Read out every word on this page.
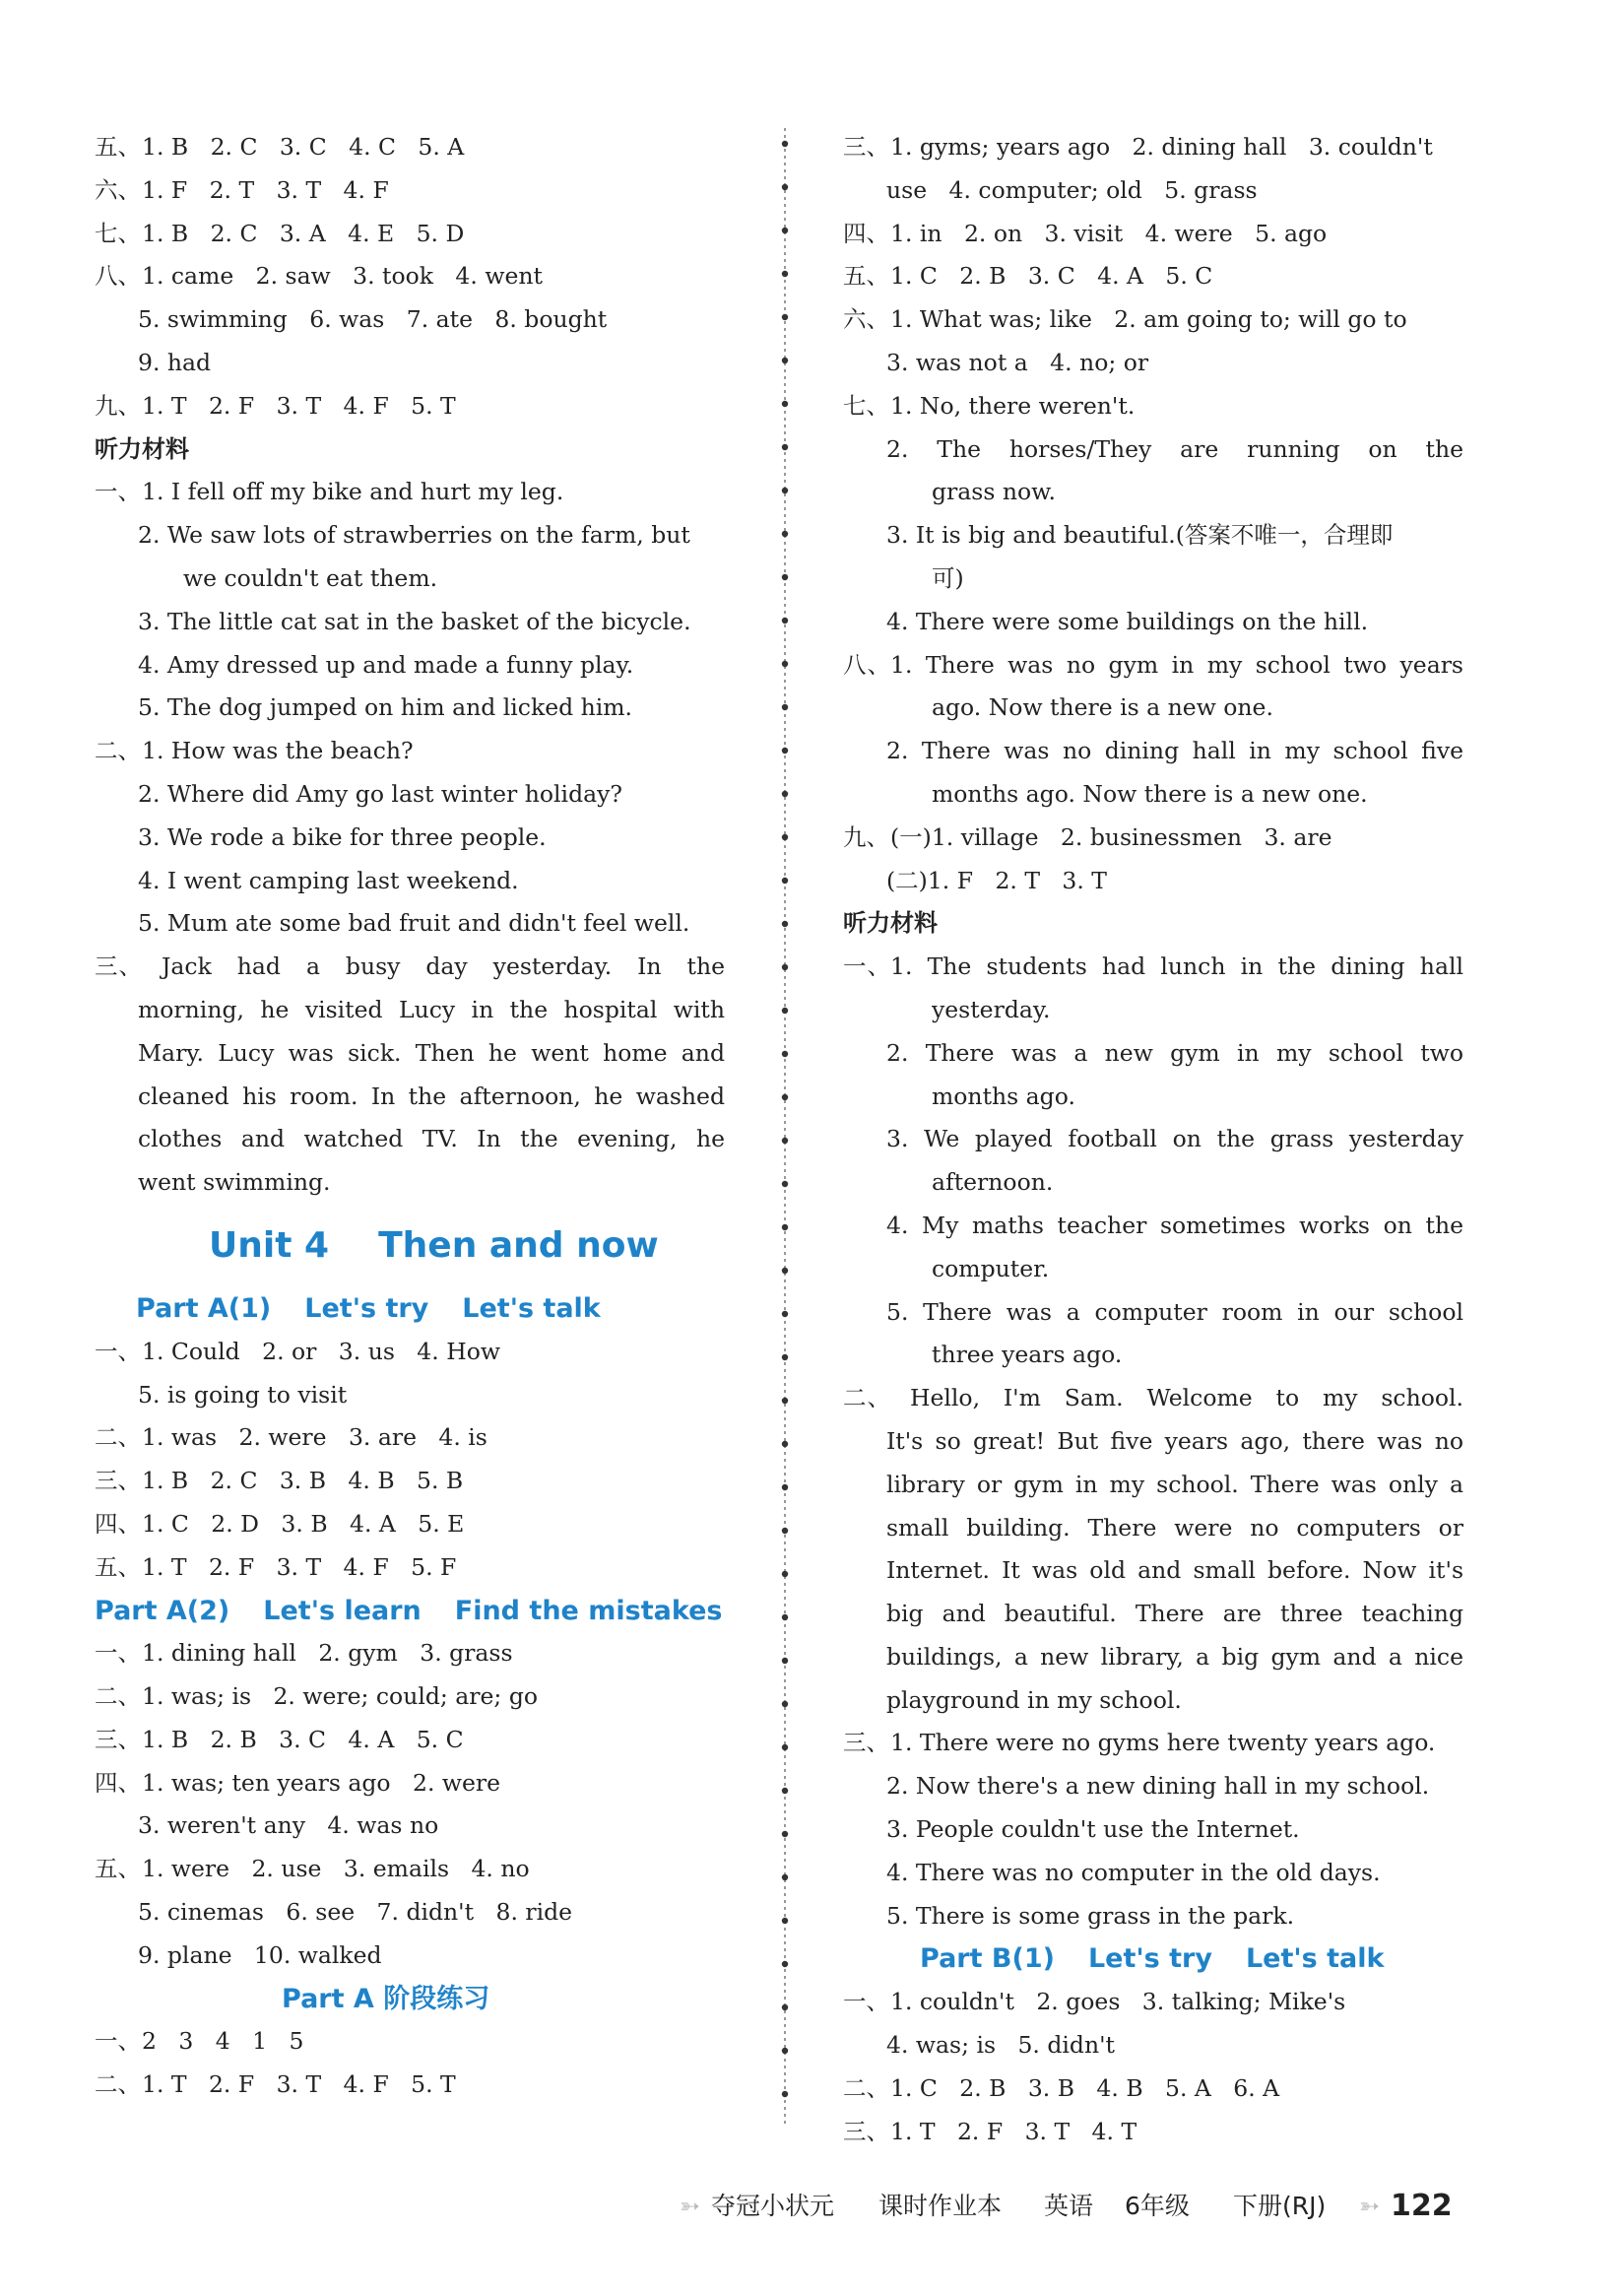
五、1. B   2. C   3. C   4. C   5. A
六、1. F   2. T   3. T   4. F
七、1. B   2. C   3. A   4. E   5. D
八、1. came   2. saw   3. took   4. went
5. swimming   6. was   7. ate   8. bought
9. had
九、1. T   2. F   3. T   4. F   5. T
听力材料
一、1. I fell off my bike and hurt my leg.
2. We saw lots of strawberries on the farm, but
we couldn't eat them.
3. The little cat sat in the basket of the bicycle.
4. Amy dressed up and made a funny play.
5. The dog jumped on him and licked him.
二、1. How was the beach?
2. Where did Amy go last winter holiday?
3. We rode a bike for three people.
4. I went camping last weekend.
5. Mum ate some bad fruit and didn't feel well.
三、 Jack had a busy day yesterday. In the
morning, he visited Lucy in the hospital with
Mary. Lucy was sick. Then he went home and
cleaned his room. In the afternoon, he washed
clothes and watched TV. In the evening, he
went swimming.
Unit 4    Then and now
Part A(1) Let's try Let's talk
一、1. Could   2. or   3. us   4. How
5. is going to visit
二、1. was   2. were   3. are   4. is
三、1. B   2. C   3. B   4. B   5. B
四、1. C   2. D   3. B   4. A   5. E
五、1. T   2. F   3. T   4. F   5. F
Part A(2) Let's learn Find the mistakes
一、1. dining hall   2. gym   3. grass
二、1. was; is   2. were; could; are; go
三、1. B   2. B   3. C   4. A   5. C
四、1. was; ten years ago   2. were
3. weren't any   4. was no
五、1. were   2. use   3. emails   4. no
5. cinemas   6. see   7. didn't   8. ride
9. plane   10. walked
Part A 阶段练习
一、2   3   4   1   5
二、1. T   2. F   3. T   4. F   5. T
三、1. gyms; years ago   2. dining hall   3. couldn't
use   4. computer; old   5. grass
四、1. in   2. on   3. visit   4. were   5. ago
五、1. C   2. B   3. C   4. A   5. C
六、1. What was; like   2. am going to; will go to
3. was not a   4. no; or
七、1. No, there weren't.
2. The horses/They are running on the
grass now.
3. It is big and beautiful.(答案不唯一，合理即
可)
4. There were some buildings on the hill.
八、 1. There was no gym in my school two years
ago. Now there is a new one.
2. There was no dining hall in my school five
months ago. Now there is a new one.
九、(一)1. village   2. businessmen   3. are
(二)1. F   2. T   3. T
听力材料
一、 1. The students had lunch in the dining hall
yesterday.
2. There was a new gym in my school two
months ago.
3. We played football on the grass yesterday
afternoon.
4. My maths teacher sometimes works on the
computer.
5. There was a computer room in our school
three years ago.
二、 Hello, I'm Sam. Welcome to my school.
It's so great! But five years ago, there was no
library or gym in my school. There was only a
small building. There were no computers or
Internet. It was old and small before. Now it's
big and beautiful. There are three teaching
buildings, a new library, a big gym and a nice
playground in my school.
三、1. There were no gyms here twenty years ago.
2. Now there's a new dining hall in my school.
3. People couldn't use the Internet.
4. There was no computer in the old days.
5. There is some grass in the park.
Part B(1) Let's try Let's talk
一、1. couldn't   2. goes   3. talking; Mike's
4. was; is   5. didn't
二、1. C   2. B   3. B   4. B   5. A   6. A
三、1. T   2. F   3. T   4. T
➳ 夺冠小状元 课时作业本 英语 6年级 下册(RJ) ➳ 122
